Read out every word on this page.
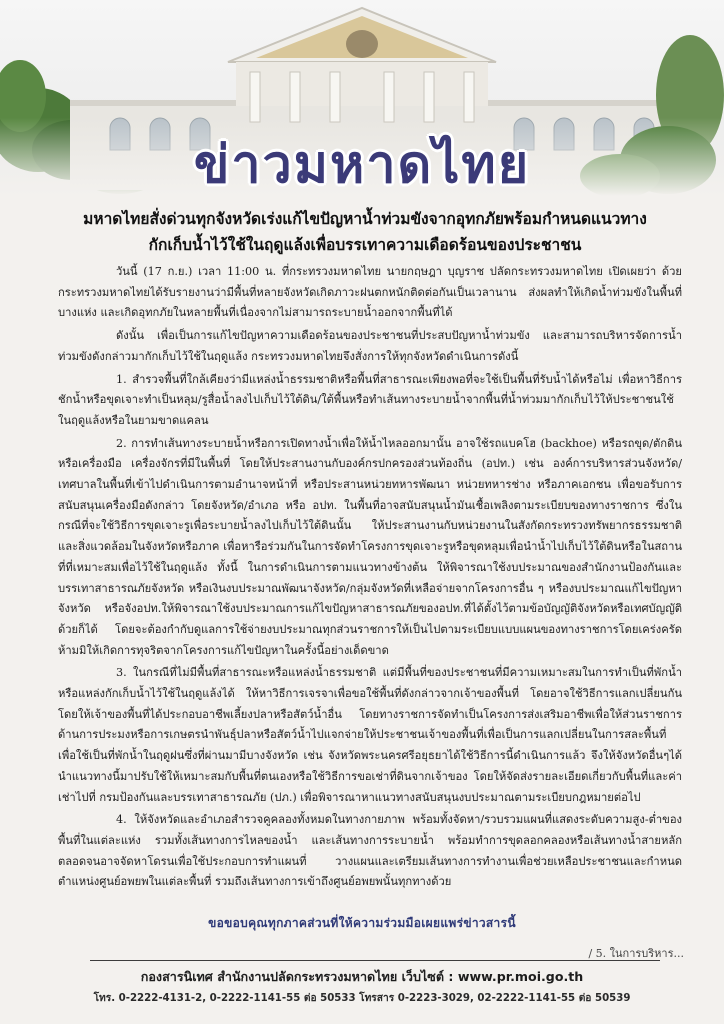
ข่าวมหาดไทย
มหาดไทยสั่งด่วนทุกจังหวัดเร่งแก้ไขปัญหาน้ำท่วมขังจากอุทกภัยพร้อมกำหนดแนวทาง
กักเก็บน้ำไว้ใช้ในฤดูแล้งเพื่อบรรเทาความเดือดร้อนของประชาชน

วันนี้ (17 ก.ย.) เวลา 11:00 น. ที่กระทรวงมหาดไทย นายกฤษฎา บุญราช ปลัดกระทรวงมหาดไทย เปิดเผยว่า ด้วยกระทรวงมหาดไทยได้รับรายงานว่ามีพื้นที่หลายจังหวัดเกิดภาวะฝนตกหนักติดต่อกันเป็นเวลานาน ส่งผลทำให้เกิดน้ำท่วมขังในพื้นที่บางแห่ง และเกิดอุทกภัยในหลายพื้นที่เนื่องจากไม่สามารถระบายน้ำออกจากพื้นที่ได้

ดังนั้น เพื่อเป็นการแก้ไขปัญหาความเดือดร้อนของประชาชนที่ประสบปัญหาน้ำท่วมขัง และสามารถบริหารจัดการน้ำท่วมขังดังกล่าวมากักเก็บไว้ใช้ในฤดูแล้ง กระทรวงมหาดไทยจึงสั่งการให้ทุกจังหวัดดำเนินการดังนี้

1. สำรวจพื้นที่ใกล้เคียงว่ามีแหล่งน้ำธรรมชาติหรือพื้นที่สาธารณะเพียงพอที่จะใช้เป็นพื้นที่รับน้ำได้หรือไม่ เพื่อหาวิธีการชักน้ำหรือขุดเจาะทำเป็นหลุม/รูสื่อน้ำลงไปเก็บไว้ใต้ดิน/ใต้พื้นหรือทำเส้นทางระบายน้ำจากพื้นที่น้ำท่วมมากักเก็บไว้ให้ประชาชนใช้ในฤดูแล้งหรือในยามขาดแคลน

2. การทำเส้นทางระบายน้ำหรือการเปิดทางน้ำเพื่อให้น้ำไหลออกมานั้น อาจใช้รถแบคโฮ (backhoe) หรือรถขุด/ตักดิน หรือเครื่องมือ เครื่องจักรที่มีในพื้นที่ โดยให้ประสานงานกับองค์กรปกครองส่วนท้องถิ่น (อปท.) เช่น องค์การบริหารส่วนจังหวัด/เทศบาลในพื้นที่เข้าไปดำเนินการตามอำนาจหน้าที่ หรือประสานหน่วยทหารพัฒนา หน่วยทหารช่าง หรือภาคเอกชน เพื่อขอรับการสนับสนุนเครื่องมือดังกล่าว โดยจังหวัด/อำเภอ หรือ อปท. ในพื้นที่อาจสนับสนุนน้ำมันเชื้อเพลิงตามระเบียบของทางราชการ ซึ่งในกรณีที่จะใช้วิธีการขุดเจาะรูเพื่อระบายน้ำลงไปเก็บไว้ใต้ดินนั้น ให้ประสานงานกับหน่วยงานในสังกัดกระทรวงทรัพยากรธรรมชาติและสิ่งแวดล้อมในจังหวัดหรือภาค เพื่อหารือร่วมกันในการจัดทำโครงการขุดเจาะรูหรือขุดหลุมเพื่อนำน้ำไปเก็บไว้ใต้ดินหรือในสถานที่ที่เหมาะสมเพื่อไว้ใช้ในฤดูแล้ง ทั้งนี้ ในการดำเนินการตามแนวทางข้างต้น ให้พิจารณาใช้งบประมาณของสำนักงานป้องกันและบรรเทาสาธารณภัยจังหวัด หรือเงินงบประมาณพัฒนาจังหวัด/กลุ่มจังหวัดที่เหลือจ่ายจากโครงการอื่น ๆ หรืองบประมาณแก้ไขปัญหาจังหวัด หรือจังอปท.ให้พิจารณาใช้งบประมาณการแก้ไขปัญหาสาธารณภัยของอปท.ที่ได้ตั้งไว้ตามข้อบัญญัติจังหวัดหรือเทศบัญญัติด้วยก็ได้ โดยจะต้องกำกับดูแลการใช้จ่ายงบประมาณทุกส่วนราชการให้เป็นไปตามระเบียบแบบแผนของทางราชการโดยเคร่งครัด ห้ามมิให้เกิดการทุจริตจากโครงการแก้ไขปัญหาในครั้งนี้อย่างเด็ดขาด

3. ในกรณีที่ไม่มีพื้นที่สาธารณะหรือแหล่งน้ำธรรมชาติ แต่มีพื้นที่ของประชาชนที่มีความเหมาะสมในการทำเป็นที่พักน้ำหรือแหล่งกักเก็บน้ำไว้ใช้ในฤดูแล้งได้ ให้หาวิธีการเจรจาเพื่อขอใช้พื้นที่ดังกล่าวจากเจ้าของพื้นที่ โดยอาจใช้วิธีการแลกเปลี่ยนกันโดยให้เจ้าของพื้นที่ได้ประกอบอาชีพเลี้ยงปลาหรือสัตว์น้ำอื่น โดยทางราชการจัดทำเป็นโครงการส่งเสริมอาชีพเพื่อให้ส่วนราชการด้านการประมงหรือการเกษตรนำพันธุ์ปลาหรือสัตว์น้ำไปแจกจ่ายให้ประชาชนเจ้าของพื้นที่เพื่อเป็นการแลกเปลี่ยนในการสละพื้นที่เพื่อใช้เป็นที่พักน้ำในฤดูฝนซึ่งที่ผ่านมามีบางจังหวัด เช่น จังหวัดพระนครศรีอยุธยาได้ใช้วิธีการนี้ดำเนินการแล้ว จึงให้จังหวัดอื่นๆได้นำแนวทางนี้มาปรับใช้ให้เหมาะสมกับพื้นที่ตนเองหรือใช้วิธีการขอเช่าที่ดินจากเจ้าของ โดยให้จัดส่งรายละเอียดเกี่ยวกับพื้นที่และค่าเช่าไปที่ กรมป้องกันและบรรเทาสาธารณภัย (ปภ.) เพื่อพิจารณาหาแนวทางสนับสนุนงบประมาณตามระเบียบกฎหมายต่อไป

4. ให้จังหวัดและอำเภอสำรวจคูคลองทั้งหมดในทางกายภาพ พร้อมทั้งจัดหา/รวบรวมแผนที่แสดงระดับความสูง-ต่ำของพื้นที่ในแต่ละแห่ง รวมทั้งเส้นทางการไหลของน้ำ และเส้นทางการระบายน้ำ พร้อมทำการขุดลอกคลองหรือเส้นทางน้ำสายหลัก ตลอดจนอาจจัดหาโดรนเพื่อใช้ประกอบการทำแผนที่ วางแผนและเตรียมเส้นทางการทำงานเพื่อช่วยเหลือประชาชนและกำหนดตำแหน่งศูนย์อพยพในแต่ละพื้นที่ รวมถึงเส้นทางการเข้าถึงศูนย์อพยพนั้นทุกทางด้วย

ขอขอบคุณทุกภาคส่วนที่ให้ความร่วมมือเผยแพร่ข่าวสารนี้
/ 5. ในการบริหาร...
กองสารนิเทศ สำนักงานปลัดกระทรวงมหาดไทย เว็บไซต์ : www.pr.moi.go.th
โทร. 0-2222-4131-2, 0-2222-1141-55 ต่อ 50533 โทรสาร 0-2223-3029, 02-2222-1141-55 ต่อ 50539
